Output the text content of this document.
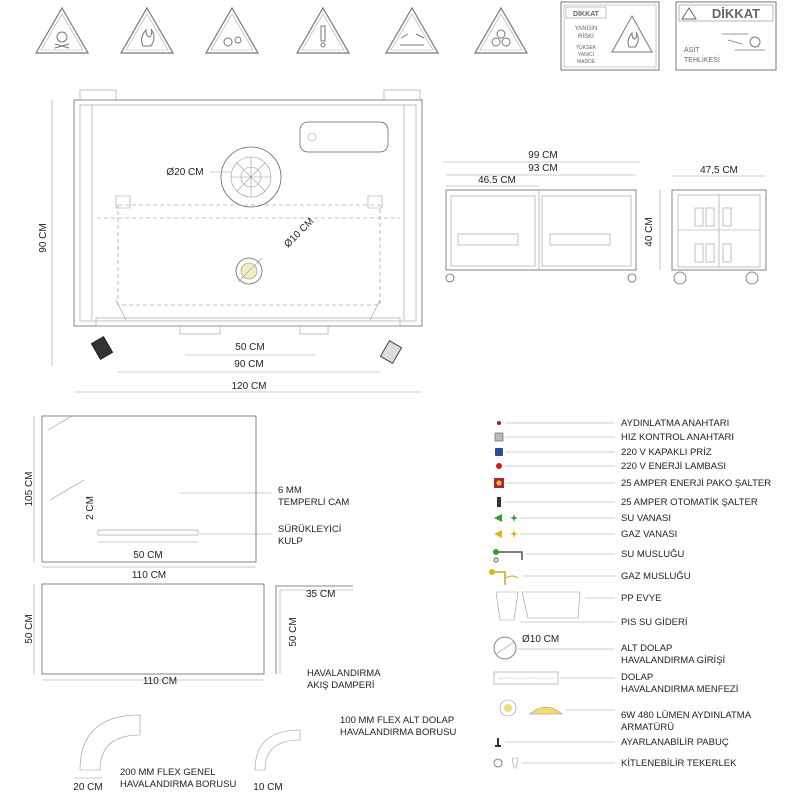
DİKKAT
YANGIN
RİSKİ
YÜKSEK
YANICI
MADDE
DİKKAT
ASİT
TEHLİKESİ
Ø20 CM
Ø10 CM
90 CM
50 CM
90 CM
120 CM
99 CM
93 CM
46.5 CM
40 CM
47,5 CM
105 CM
2 CM
50 CM
110 CM
6 MM
TEMPERLİ CAM
SÜRÜKLEYİCİ
KULP
50 CM
110 CM
35 CM
50 CM
HAVALANDIRMA
AKIŞ DAMPERİ
100 MM FLEX ALT DOLAP
HAVALANDIRMA BORUSU
200 MM FLEX GENEL
HAVALANDIRMA BORUSU
20 CM	10 CM
AYDINLATMA ANAHTARI
HIZ KONTROL ANAHTARI
220 V KAPAKLI PRİZ
220 V ENERJİ LAMBASI
25 AMPER ENERJİ PAKO ŞALTER
25 AMPER OTOMATİK ŞALTER
SU VANASI
GAZ VANASI
SU MUSLUĞU
GAZ MUSLUĞU
PP EVYE
PIS SU GİDERİ
Ø10 CM
ALT DOLAP
HAVALANDIRMA GİRİŞİ
DOLAP
HAVALANDIRMA MENFEZİ
6W 480 LÜMEN AYDINLATMA
ARMATÜRÜ
AYARLANABİLİR PABUÇ
KİTLENEBİLİR TEKERLEK
